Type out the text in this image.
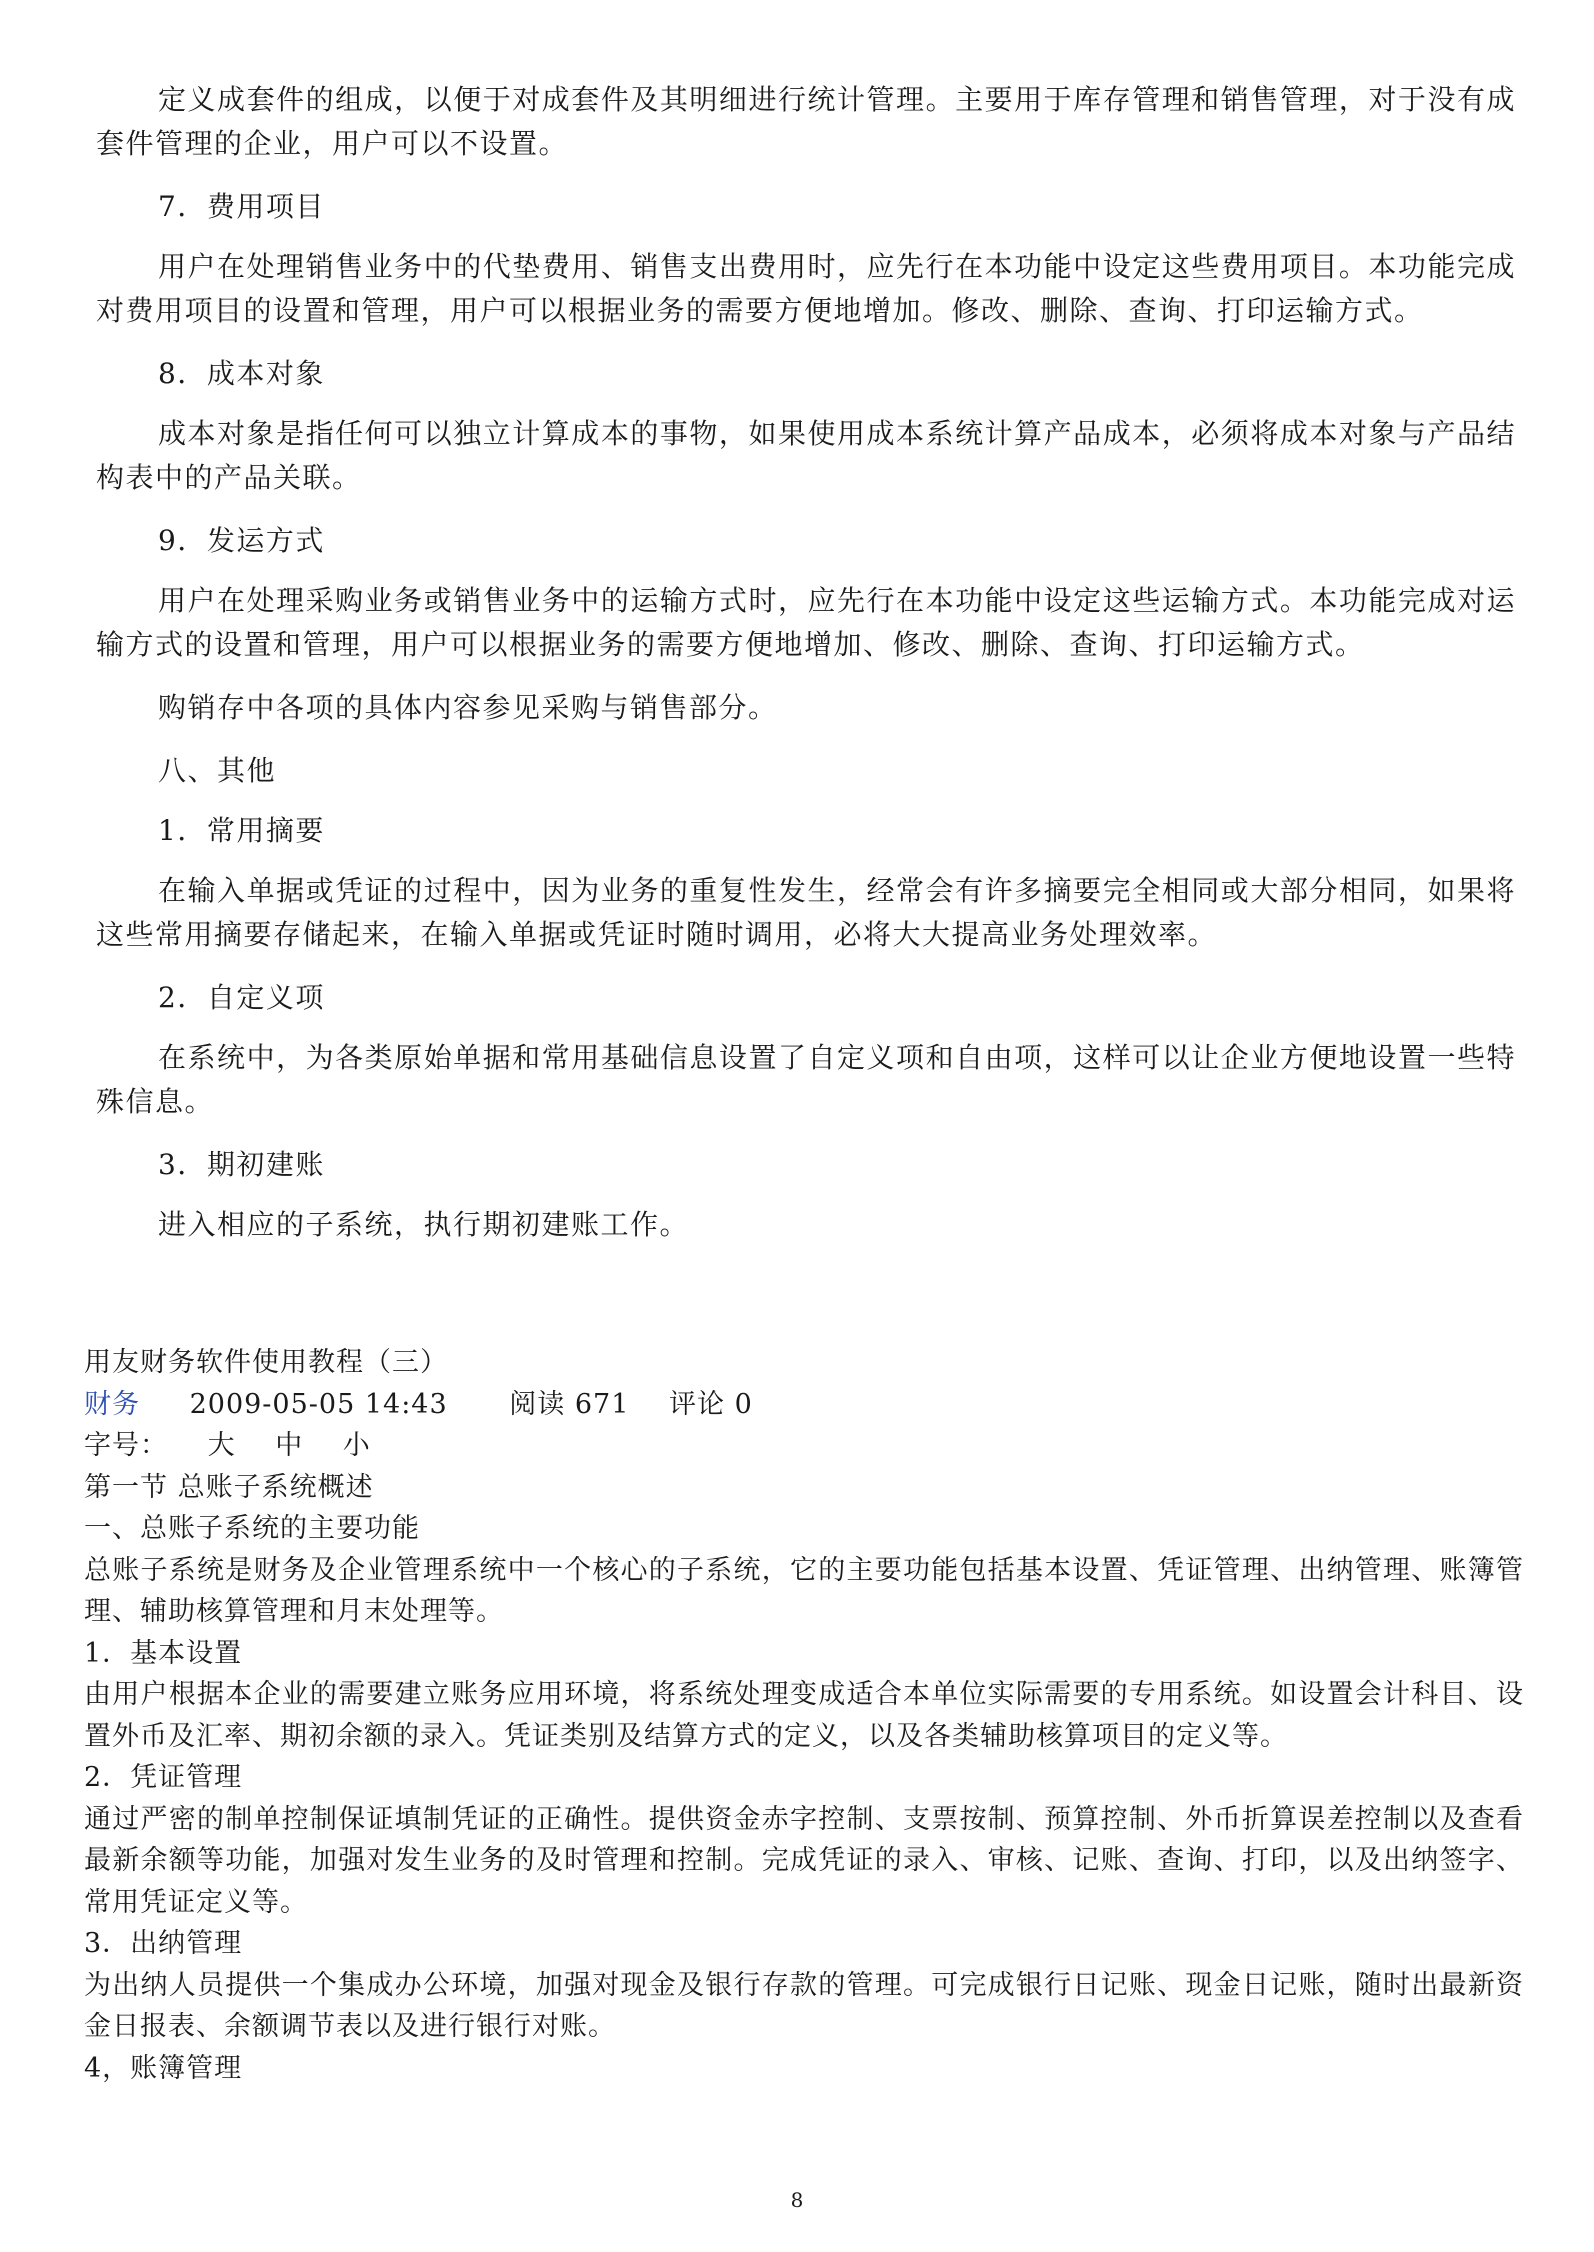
定义成套件的组成，以便于对成套件及其明细进行统计管理。主要用于库存管理和销售管理，对于没有成套件管理的企业，用户可以不设置。

7．费用项目

用户在处理销售业务中的代垫费用、销售支出费用时，应先行在本功能中设定这些费用项目。本功能完成对费用项目的设置和管理，用户可以根据业务的需要方便地增加。修改、删除、查询、打印运输方式。

8．成本对象

成本对象是指任何可以独立计算成本的事物，如果使用成本系统计算产品成本，必须将成本对象与产品结构表中的产品关联。

9．发运方式

用户在处理采购业务或销售业务中的运输方式时，应先行在本功能中设定这些运输方式。本功能完成对运输方式的设置和管理，用户可以根据业务的需要方便地增加、修改、删除、查询、打印运输方式。

购销存中各项的具体内容参见采购与销售部分。

八、其他

1．常用摘要

在输入单据或凭证的过程中，因为业务的重复性发生，经常会有许多摘要完全相同或大部分相同，如果将这些常用摘要存储起来，在输入单据或凭证时随时调用，必将大大提高业务处理效率。

2．自定义项

在系统中，为各类原始单据和常用基础信息设置了自定义项和自由项，这样可以让企业方便地设置一些特殊信息。

3．期初建账

进入相应的子系统，执行期初建账工作。

用友财务软件使用教程（三）

财务 2009-05-05 14:43 阅读 671 评论 0

字号： 大 中 小

第一节 总账子系统概述

一、总账子系统的主要功能

总账子系统是财务及企业管理系统中一个核心的子系统，它的主要功能包括基本设置、凭证管理、出纳管理、账簿管理、辅助核算管理和月末处理等。

1．基本设置

由用户根据本企业的需要建立账务应用环境，将系统处理变成适合本单位实际需要的专用系统。如设置会计科目、设置外币及汇率、期初余额的录入。凭证类别及结算方式的定义，以及各类辅助核算项目的定义等。

2．凭证管理

通过严密的制单控制保证填制凭证的正确性。提供资金赤字控制、支票按制、预算控制、外币折算误差控制以及查看最新余额等功能，加强对发生业务的及时管理和控制。完成凭证的录入、审核、记账、查询、打印，以及出纳签字、常用凭证定义等。

3．出纳管理

为出纳人员提供一个集成办公环境，加强对现金及银行存款的管理。可完成银行日记账、现金日记账，随时出最新资金日报表、余额调节表以及进行银行对账。

4，账簿管理

8
